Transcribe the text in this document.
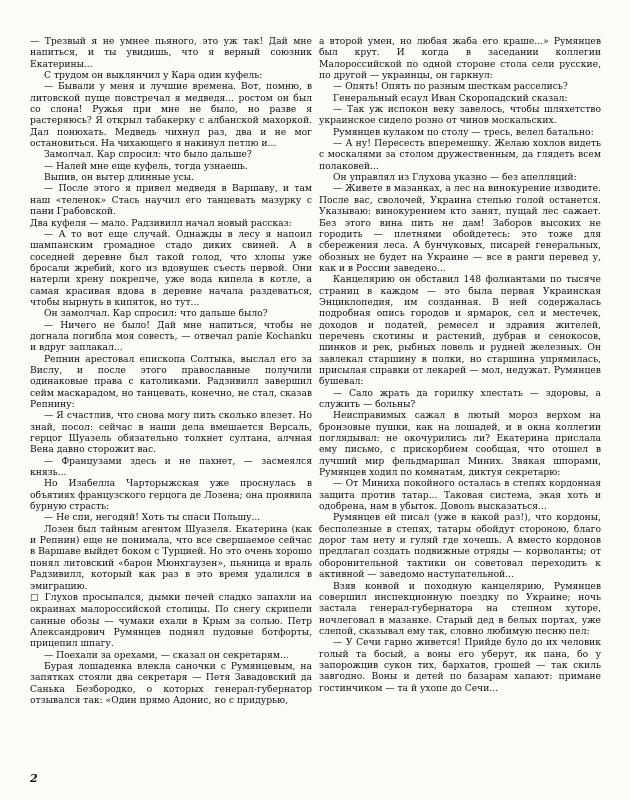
— Трезвый я не умнее пьяного, это уж так! Дай мне напиться, и ты увидишь, что я верный союзник Екатерины...

С трудом он выклянчил у Кара один куфель:

— Бывали у меня и лучшие времена. Вот, помню, в литовской пуще повстречал я медведя... ростом он был со слона! Ружья при мне не было, но разве я растеряюсь? Я открыл табакерку с албанской махоркой. Дал понюхать. Медведь чихнул раз, два и не мог остановиться. На чихающего я накинул петлю и...

Замолчал. Кар спросил: что было дальше?

— Налей мне еще куфель, тогда узнаешь.

Выпив, он вытер длинные усы.

— После этого я привел медведя в Варшаву, и там наш «теленок» Стась научил его танцевать мазурку с пани Грабовской.

Два куфеля — мало. Радзивилл начал новый рассказ:

— А то вот еще случай. Однажды в лесу я напоил шампанским громадное стадо диких свиней. А в соседней деревне был такой голод, что хлопы уже бросали жребий, кого из вдовушек съесть первой. Они натерли хрену покрепче, уже вода кипела в котле, а самая красивая вдова в деревне начала раздеваться, чтобы нырнуть в кипяток, но тут...

Он замолчал. Кар спросил: что дальше было?

— Ничего не было! Дай мне напиться, чтобы не догнала погибла моя совесть, — отвечал panie Kochanku и вдруг заплакал...

Репнин арестовал епископа Солтыка, выслал его за Вислу, и после этого православные получили одинаковые права с католиками. Радзивилл завершил сейм маскарадом, но танцевать, конечно, не стал, сказав Репнину:

— Я счастлив, что снова могу пить сколько влезет. Но знай, посол: сейчас в наши дела вмешается Версаль, герцог Шуазель обязательно толкнет султана, алчная Вена давно сторожит вас.

— Французами здесь и не пахнет, — засмеялся князь...

Но Изабелла Чарторыжская уже проснулась в объятиях французского герцога де Лозена; она проявила бурную страсть:

— Не спи, негодяй! Хоть ты спаси Польшу...

Лозен был тайным агентом Шуазеля. Екатерина (как и Репнин) еще не понимала, что все свершаемое сейчас в Варшаве выйдет боком с Турцией. Но это очень хорошо понял литовский «барон Мюнхгаузен», пьяница и враль Радзивилл, который как раз в это время удалился в эмиграцию.

□ Глухов просыпался, дымки печей сладко запахли на окраинах малороссийской столицы. По снегу скрипели санные обозы — чумаки ехали в Крым за солью. Петр Александрович Румянцев поднял пудовые ботфорты, прицепил шпагу.

— Поехали за орехами, — сказал он секретарям...

Бурая лошаденка влекла саночки с Румянцевым, на запятках стояли два секретаря — Петя Завадовский да Санька Безбородко, о которых генерал-губернатор отзывался так: «Один прямо Адонис, но с придурью,

а второй умен, но любая жаба его краше...» Румянцев был крут. И когда в заседании коллегии Малороссийской по одной стороне стола сели русские, по другой — украинцы, он гаркнул:

— Опять! Опять по разным шесткам расселись?

Генеральный есаул Иван Скоропадский сказал:

— Так уж испокон веку завелось, чтобы шляхетство украинское сидело розно от чинов москальских.

Румянцев кулаком по столу — тресь, велел батально:

— А ну! Пересесть вперемешку. Желаю хохлов видеть с москалями за столом дружественным, да глядеть всем полаковей...

Он управлял из Глухова указно — без апелляций:

— Живете в мазанках, а лес на винокурение изводите. После вас, сволочей, Украина степью голой останется. Указываю: винокурением кто занят, пущай лес сажает. Без этого вина пить не дам! Заборов высоких не городить — плетнями обойдетесь: это тоже для сбережения леса. А бунчуковых, писарей генеральных, обозных не будет на Украине — все в ранги перевед у, как и в России заведено...

Канцелярию он обставил 148 фолиантами по тысяче страниц в каждом — это была первая Украинская Энциклопедия, им созданная. В ней содержалась подробная опись городов и ярмарок, сел и местечек, доходов и податей, ремесел и здравия жителей, перечень скотины и растений, дубрав и сенокосов, шинков и рек, рыбных ловель и рудней железных. Он завлекал старшину в полки, но старшина упрямилась, присылая справки от лекарей — мол, недужат. Румянцев бушевал:

— Сало жрать да горилку хлестать — здоровы, а служить — больны?

Неисправимых сажал в лютый мороз верхом на бронзовые пушки, как на лошадей, и в окна коллегии поглядывал: не окочурились ли? Екатерина прислала ему письмо, с прискорбием сообщая, что отошел в лучший мир фельдмаршал Миних. Звякая шпорами, Румянцев ходил по комнатам, диктуя секретарю:

— От Миниха покойного осталась в степях кордонная защита против татар... Таковая система, экая хоть и одобрена, нам в убыток. Доволь высказаться...

Румянцев ей писал (уже в какой раз!), что кордоны, бесполезные в степях, татары обойдут стороною, благо дорог там нету и гуляй где хочешь. А вместо кордонов предлагал создать подвижные отряды — корволанты; от оборонительной тактики он советовал переходить к активной — заведомо наступательной...

Взяв конвой и походную канцелярию, Румянцев совершил инспекционную поездку по Украине; ночь застала генерал-губернатора на степном хуторе, ночлеговал в мазанке. Старый дед в белых портах, уже слепой, сказывал ему так, словно любимую песню пел:

— У Сечи гарно живется! Прийде було до их человик голый та босый, а воны его уберут, як пана, бо у запорожцив сукон тих, бархатов, грошей — так скиль завгодно. Воны и детей по базарам хапают: примане гостинчиком — та й ухопе до Сечи...

2
